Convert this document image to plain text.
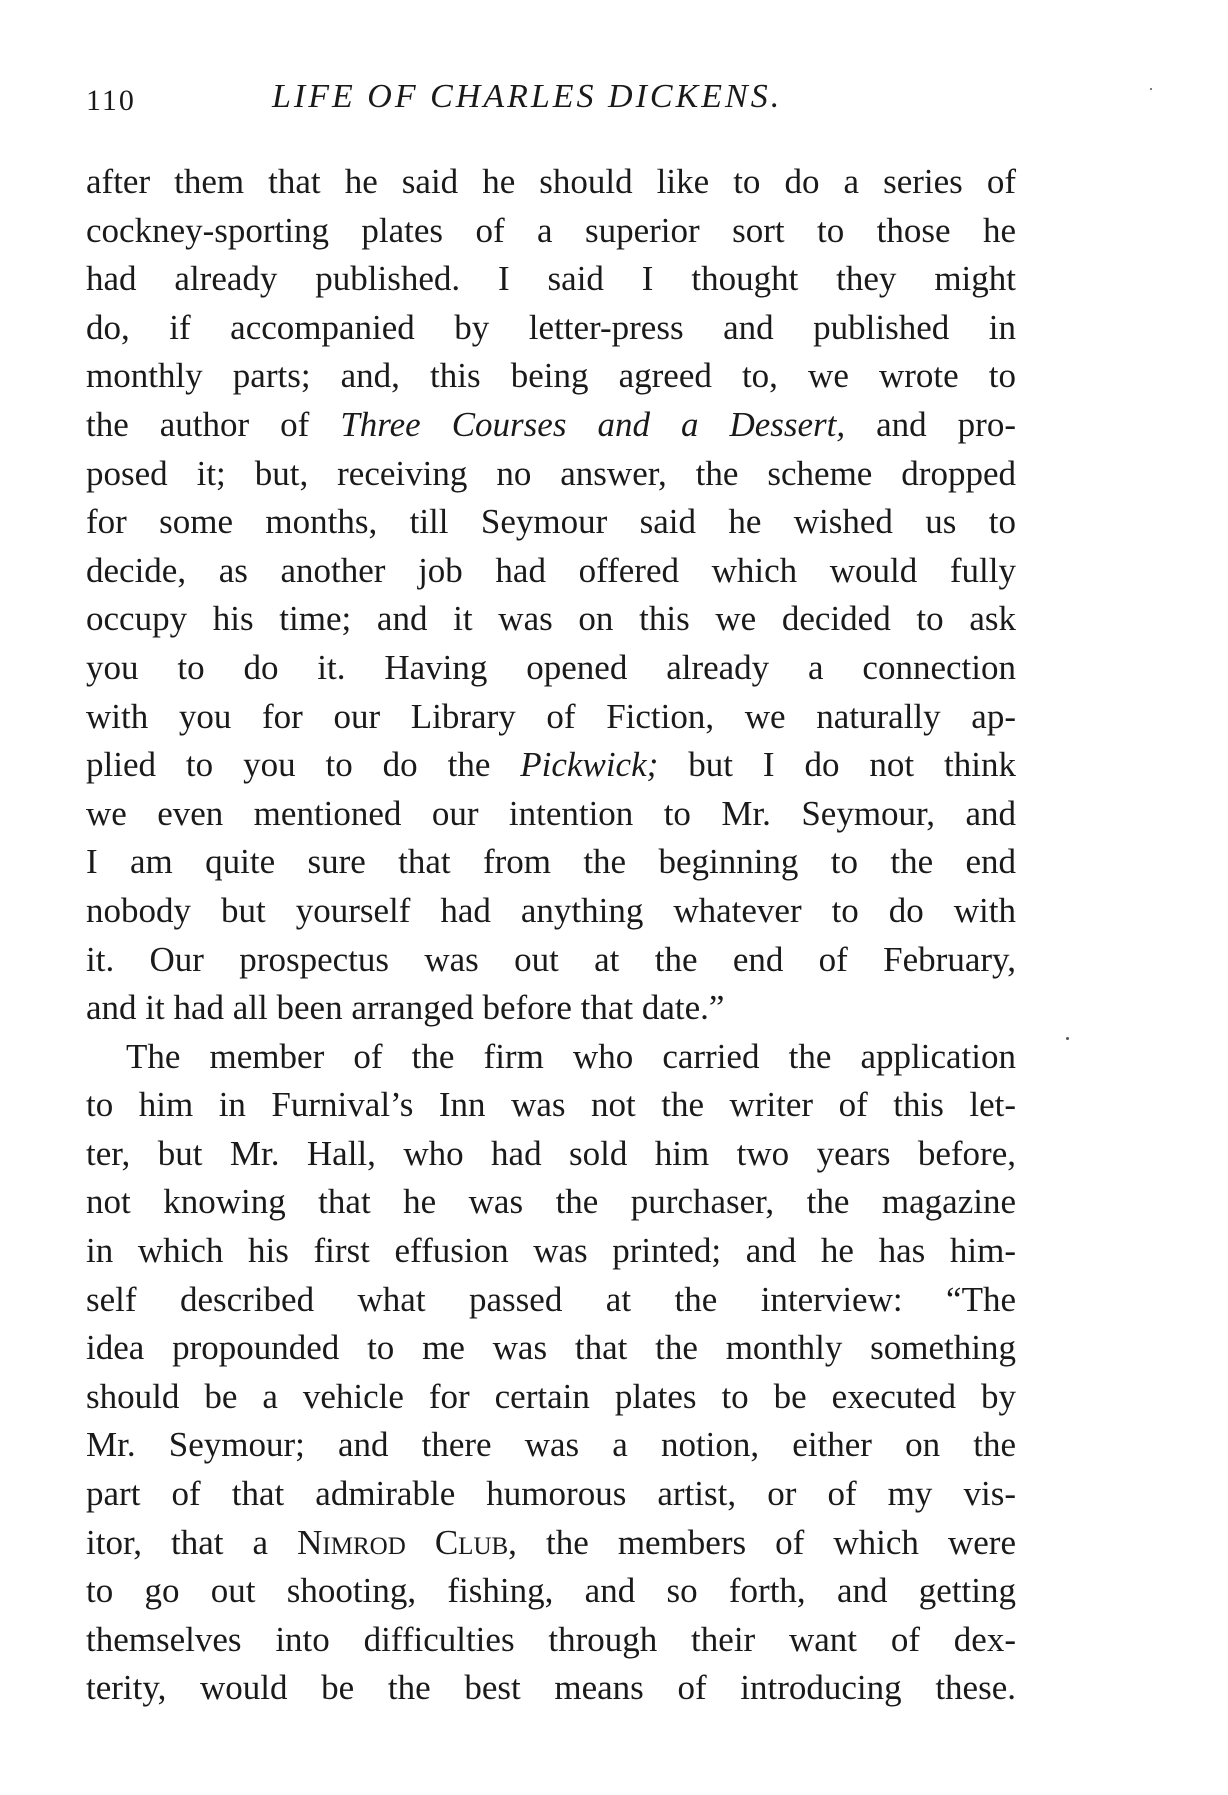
110	LIFE OF CHARLES DICKENS.
after them that he said he should like to do a series of
cockney-sporting plates of a superior sort to those he
had already published. I said I thought they might
do, if accompanied by letter-press and published in
monthly parts; and, this being agreed to, we wrote to
the author of Three Courses and a Dessert, and pro-
posed it; but, receiving no answer, the scheme dropped
for some months, till Seymour said he wished us to
decide, as another job had offered which would fully
occupy his time; and it was on this we decided to ask
you to do it. Having opened already a connection
with you for our Library of Fiction, we naturally ap-
plied to you to do the Pickwick; but I do not think
we even mentioned our intention to Mr. Seymour, and
I am quite sure that from the beginning to the end
nobody but yourself had anything whatever to do with
it. Our prospectus was out at the end of February,
and it had all been arranged before that date.”
The member of the firm who carried the application
to him in Furnival’s Inn was not the writer of this let-
ter, but Mr. Hall, who had sold him two years before,
not knowing that he was the purchaser, the magazine
in which his first effusion was printed; and he has him-
self described what passed at the interview: “The
idea propounded to me was that the monthly something
should be a vehicle for certain plates to be executed by
Mr. Seymour; and there was a notion, either on the
part of that admirable humorous artist, or of my vis-
itor, that a Nimrod Club, the members of which were
to go out shooting, fishing, and so forth, and getting
themselves into difficulties through their want of dex-
terity, would be the best means of introducing these.
